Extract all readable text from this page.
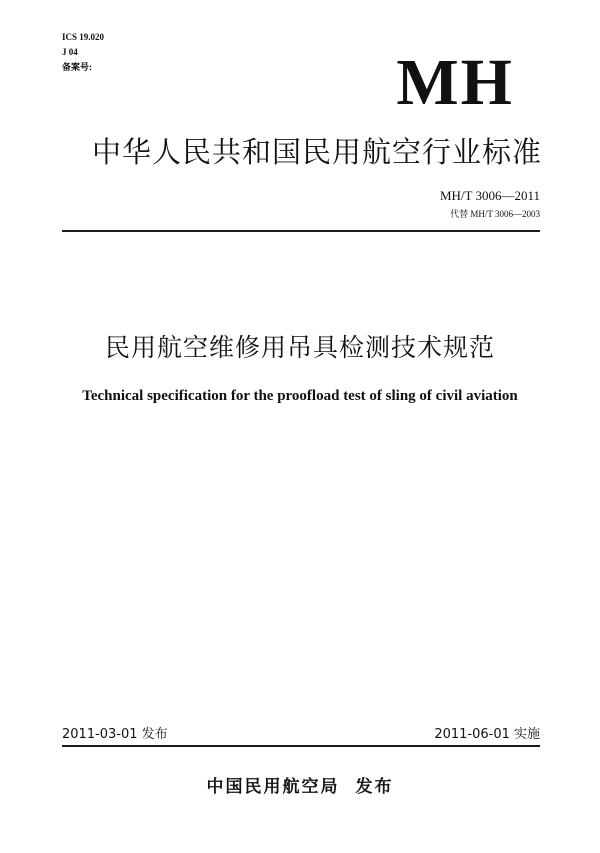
ICS 19.020
J 04
备案号:	MH
中华人民共和国民用航空行业标准
MH/T 3006—2011
代替 MH/T 3006—2003
民用航空维修用吊具检测技术规范
Technical specification for the proofload test of sling of civil aviation
2011-03-01 发布	2011-06-01 实施
中国民用航空局 发布
